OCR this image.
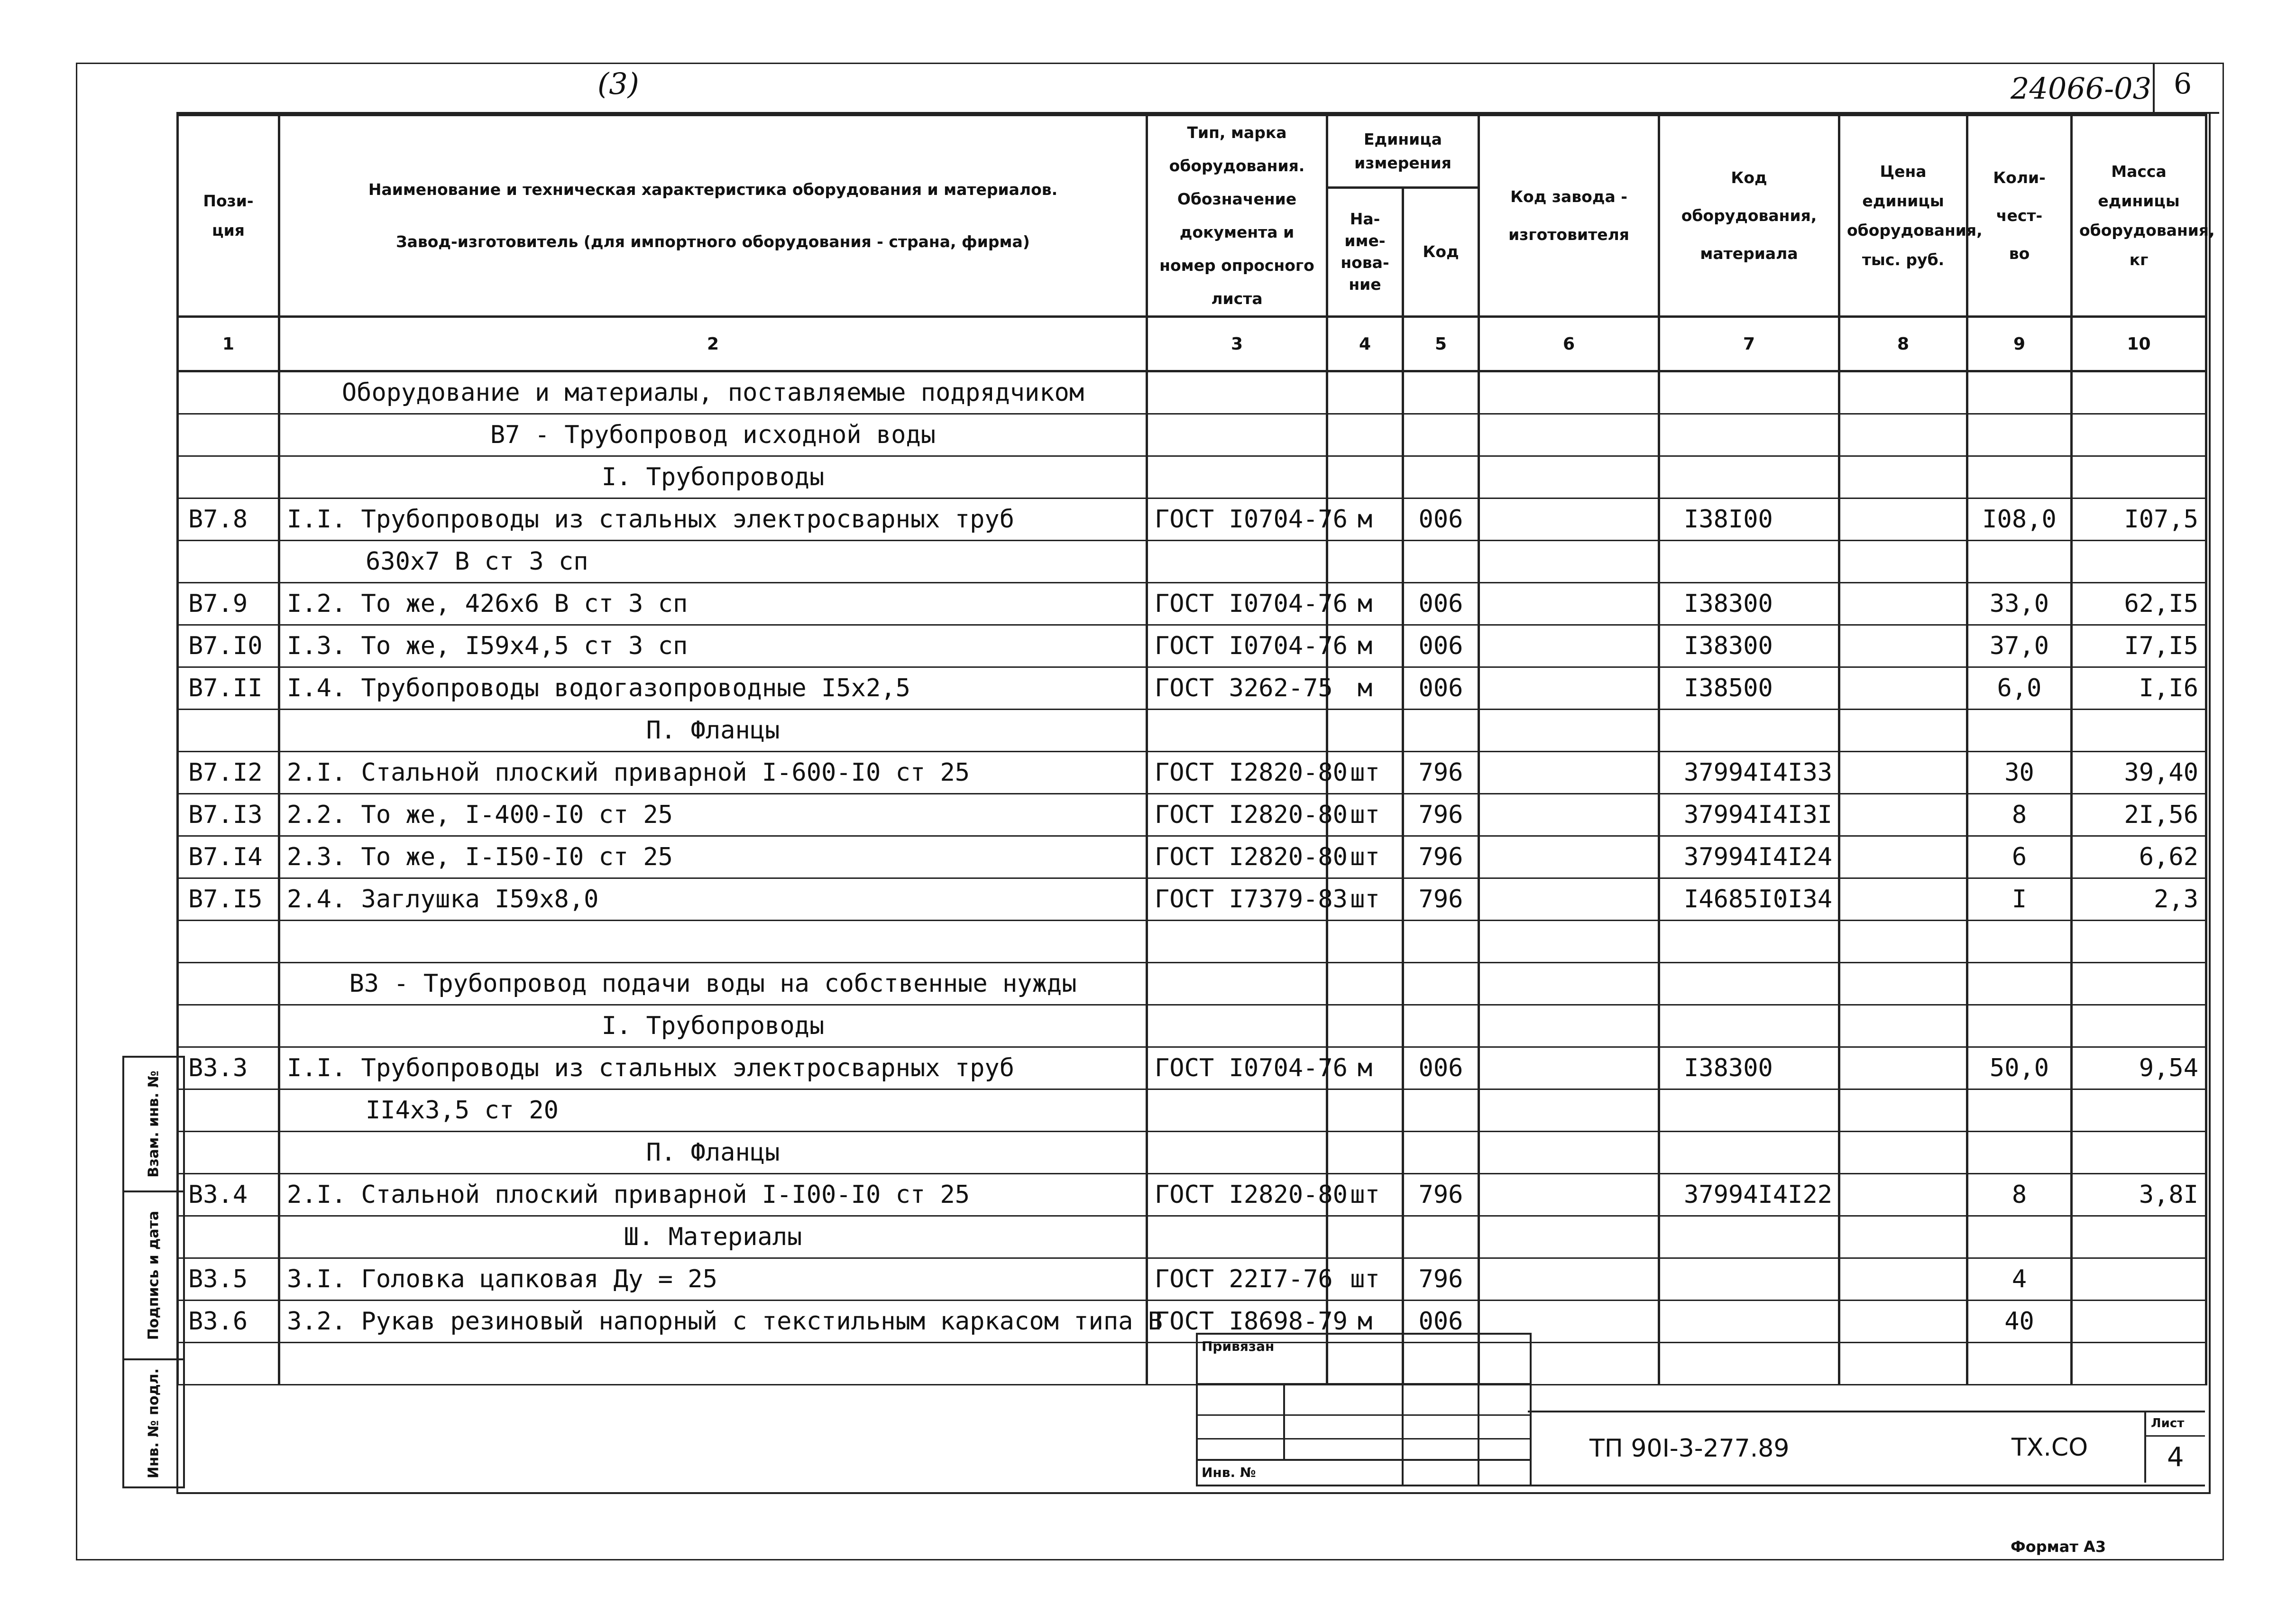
(3)	24066-03 6
Пози-
ция	Наименование и техническая характеристика оборудования и материалов.
Завод-изготовитель (для импортного оборудования - страна, фирма)	Тип, марка оборудования. Обозначение документа и номер опросного листа	Единица измерения		Код завода - изготовителя	Код оборудования, материала	Цена единицы оборудования, тыс. руб.	Коли-
чест-
во	Масса единицы оборудования, кг
			На-
име-
нова-
ние	Код					
1	2	3	4	5	6	7	8	9	10
	Оборудование и материалы, поставляемые подрядчиком								
	В7 - Трубопровод исходной воды								
	I. Трубопроводы								
В7.8	I.I. Трубопроводы из стальных электросварных труб	ГОСТ I0704-76	м	006		I38I00		I08,0	I07,5
	630х7 В ст 3 сп								
В7.9	I.2. То же, 426х6 В ст 3 сп	ГОСТ I0704-76	м	006		I38300		33,0	62,I5
В7.I0	I.3. То же, I59х4,5 ст 3 сп	ГОСТ I0704-76	м	006		I38300		37,0	I7,I5
В7.II	I.4. Трубопроводы водогазопроводные I5х2,5	ГОСТ 3262-75	м	006		I38500		6,0	I,I6
	П. Фланцы								
В7.I2	2.I. Стальной плоский приварной I-600-I0 ст 25	ГОСТ I2820-80	шт	796		37994I4I33		30	39,40
В7.I3	2.2. То же, I-400-I0 ст 25	ГОСТ I2820-80	шт	796		37994I4I3I		8	2I,56
В7.I4	2.3. То же, I-I50-I0 ст 25	ГОСТ I2820-80	шт	796		37994I4I24		6	6,62
В7.I5	2.4. Заглушка I59х8,0	ГОСТ I7379-83	шт	796		I4685I0I34		I	2,3

	В3 - Трубопровод подачи воды на собственные нужды								
	I. Трубопроводы								
В3.3	I.I. Трубопроводы из стальных электросварных труб	ГОСТ I0704-76	м	006		I38300		50,0	9,54
	II4х3,5 ст 20								
	П. Фланцы								
В3.4	2.I. Стальной плоский приварной I-I00-I0 ст 25	ГОСТ I2820-80	шт	796		37994I4I22		8	3,8I
	Ш. Материалы								
В3.5	3.I. Головка цапковая Ду = 25	ГОСТ 22I7-76	шт	796				4	
В3.6	3.2. Рукав резиновый напорный с текстильным каркасом типа В	ГОСТ I8698-79	м	006				40	

Взам. инв. №
Подпись и дата
Инв. № подл.
Привязан
Инв. №
ТП 90I-3-277.89	ТХ.СО
Лист
4
Формат А3
